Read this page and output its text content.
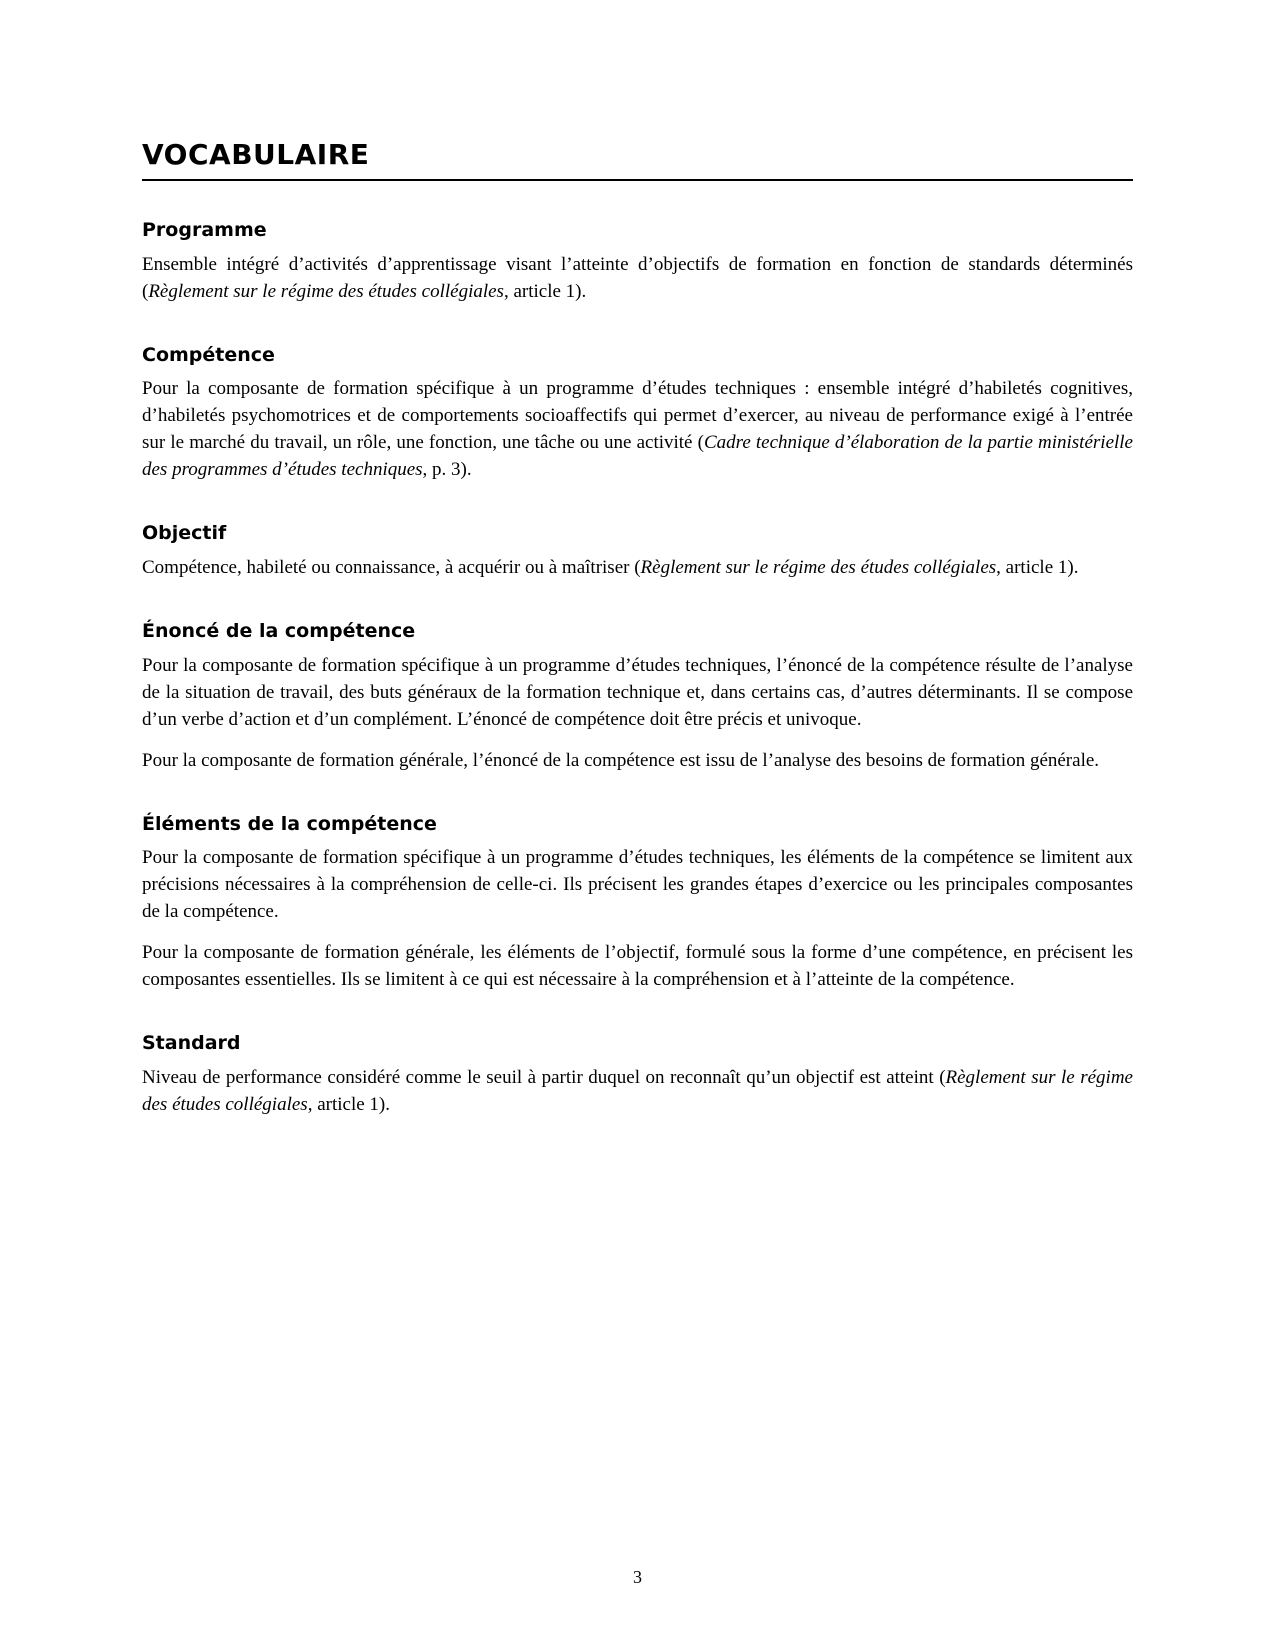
VOCABULAIRE
Programme

Ensemble intégré d’activités d’apprentissage visant l’atteinte d’objectifs de formation en fonction de standards déterminés (Règlement sur le régime des études collégiales, article 1).

Compétence

Pour la composante de formation spécifique à un programme d’études techniques : ensemble intégré d’habiletés cognitives, d’habiletés psychomotrices et de comportements socioaffectifs qui permet d’exercer, au niveau de performance exigé à l’entrée sur le marché du travail, un rôle, une fonction, une tâche ou une activité (Cadre technique d’élaboration de la partie ministérielle des programmes d’études techniques, p. 3).

Objectif

Compétence, habileté ou connaissance, à acquérir ou à maîtriser (Règlement sur le régime des études collégiales, article 1).

Énoncé de la compétence

Pour la composante de formation spécifique à un programme d’études techniques, l’énoncé de la compétence résulte de l’analyse de la situation de travail, des buts généraux de la formation technique et, dans certains cas, d’autres déterminants. Il se compose d’un verbe d’action et d’un complément. L’énoncé de compétence doit être précis et univoque.

Pour la composante de formation générale, l’énoncé de la compétence est issu de l’analyse des besoins de formation générale.

Éléments de la compétence

Pour la composante de formation spécifique à un programme d’études techniques, les éléments de la compétence se limitent aux précisions nécessaires à la compréhension de celle-ci. Ils précisent les grandes étapes d’exercice ou les principales composantes de la compétence.

Pour la composante de formation générale, les éléments de l’objectif, formulé sous la forme d’une compétence, en précisent les composantes essentielles. Ils se limitent à ce qui est nécessaire à la compréhension et à l’atteinte de la compétence.

Standard

Niveau de performance considéré comme le seuil à partir duquel on reconnaît qu’un objectif est atteint (Règlement sur le régime des études collégiales, article 1).

3
